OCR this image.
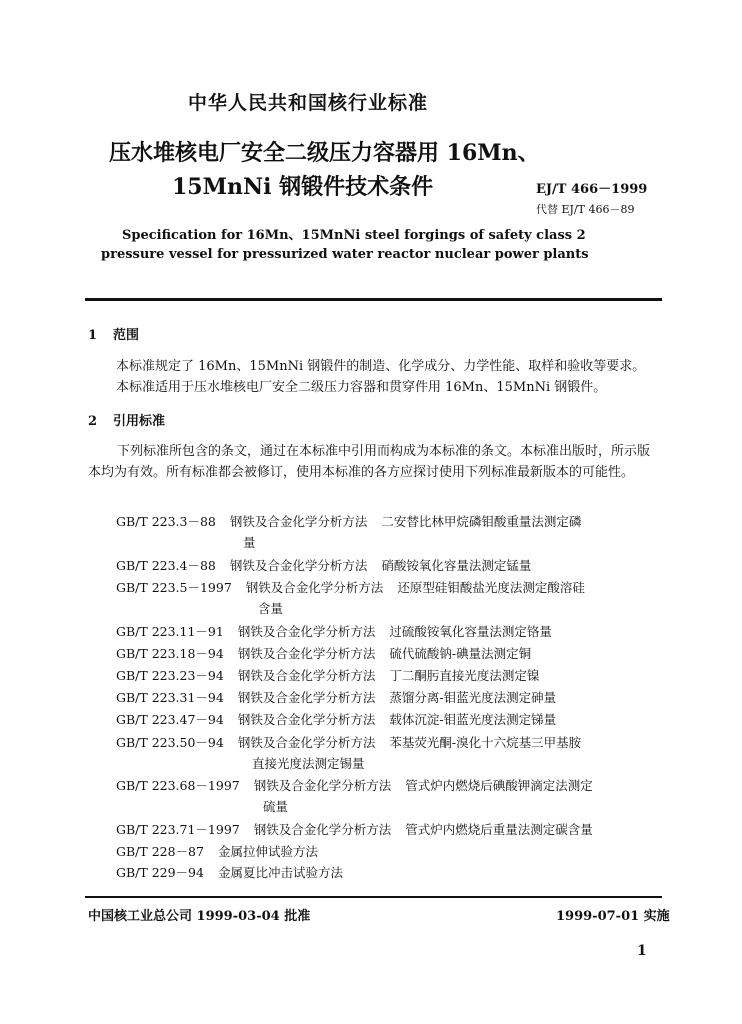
中华人民共和国核行业标准
压水堆核电厂安全二级压力容器用 16Mn、
15MnNi 钢锻件技术条件	EJ/T 466－1999
代替 EJ/T 466－89
Specification for 16Mn、15MnNi steel forgings of safety class 2
pressure vessel for pressurized water reactor nuclear power plants
1 范围
本标准规定了 16Mn、15MnNi 钢锻件的制造、化学成分、力学性能、取样和验收等要求。
本标准适用于压水堆核电厂安全二级压力容器和贯穿件用 16Mn、15MnNi 钢锻件。
2 引用标准
下列标准所包含的条文，通过在本标准中引用而构成为本标准的条文。本标准出版时，所示版本均为有效。所有标准都会被修订，使用本标准的各方应探讨使用下列标准最新版本的可能性。
GB/T 223.3－88 钢铁及合金化学分析方法 二安替比林甲烷磷钼酸重量法测定磷
量
GB/T 223.4－88 钢铁及合金化学分析方法 硝酸铵氧化容量法测定锰量
GB/T 223.5－1997 钢铁及合金化学分析方法 还原型硅钼酸盐光度法测定酸溶硅
含量
GB/T 223.11－91 钢铁及合金化学分析方法 过硫酸铵氧化容量法测定铬量
GB/T 223.18－94 钢铁及合金化学分析方法 硫代硫酸钠-碘量法测定铜
GB/T 223.23－94 钢铁及合金化学分析方法 丁二酮肟直接光度法测定镍
GB/T 223.31－94 钢铁及合金化学分析方法 蒸馏分离-钼蓝光度法测定砷量
GB/T 223.47－94 钢铁及合金化学分析方法 载体沉淀-钼蓝光度法测定锑量
GB/T 223.50－94 钢铁及合金化学分析方法 苯基荧光酮-溴化十六烷基三甲基胺
直接光度法测定锡量
GB/T 223.68－1997 钢铁及合金化学分析方法 管式炉内燃烧后碘酸钾滴定法测定
硫量
GB/T 223.71－1997 钢铁及合金化学分析方法 管式炉内燃烧后重量法测定碳含量
GB/T 228－87 金属拉伸试验方法
GB/T 229－94 金属夏比冲击试验方法
中国核工业总公司 1999-03-04 批准	1999-07-01 实施
1
